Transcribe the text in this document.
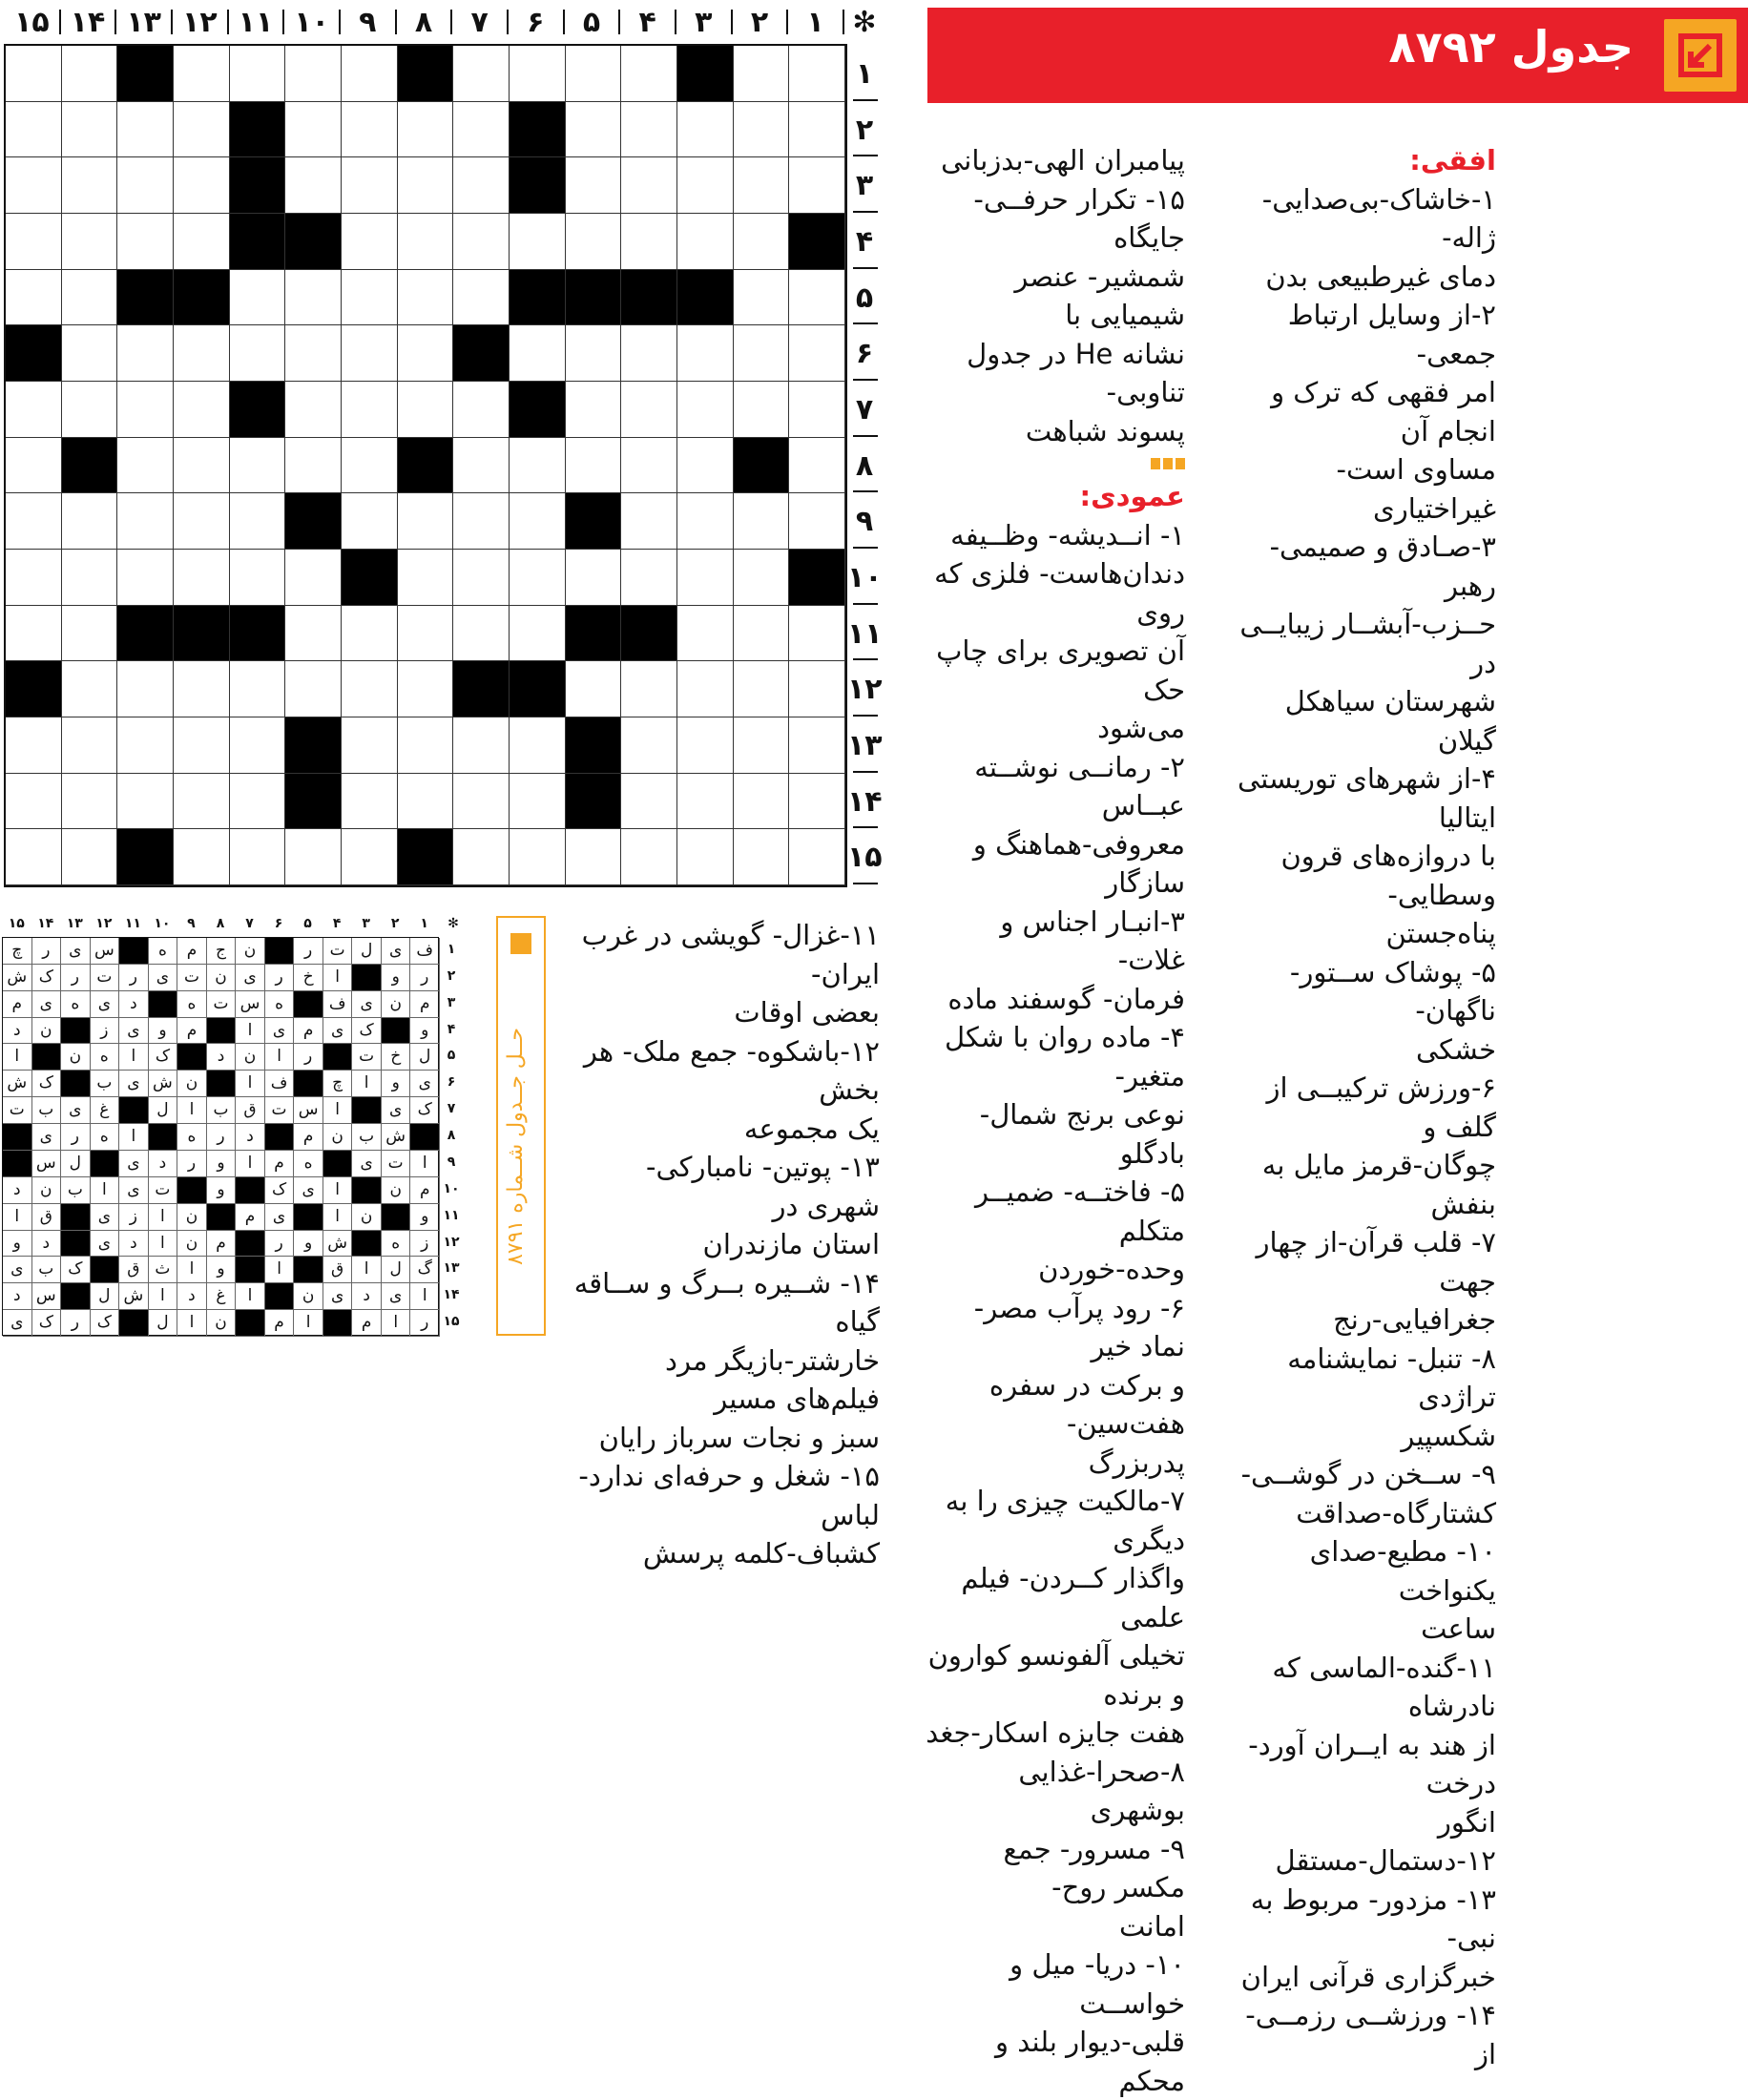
✻
۱
۲
۳
۴
۵
۶
۷
۸
۹
۱۰
۱۱
۱۲
۱۳
۱۴
۱۵
۱
۲
۳
۴
۵
۶
۷
۸
۹
۱۰
۱۱
۱۲
۱۳
۱۴
۱۵
جدول ۸۷۹۲

افقی:

۱-خاشاک-بی‌صدایی-ژاله-

دمای غیرطبیعی بدن

۲-از وسایل ارتباط جمعی-

امر فقهی که ترک و انجام آن

مساوی است-غیراختیاری

۳-صـادق و صمیمی- رهبر

حــزب-آبشــار زیبایــی در

شهرستان سیاهکل گیلان

۴-از شهرهای توریستی ایتالیا

با دروازه‌های قرون وسطایی-

پناه‌جستن

۵- پوشاک ســتور-ناگهان-

خشکی

۶-ورزش ترکیبــی از گلف و

چوگان-قرمز مایل به بنفش

۷- قلب قرآن-از چهار جهت

جغرافیایی-رنج

۸- تنبل- نمایشنامه تراژدی

شکسپیر

۹- ســخن در گوشــی-

کشتارگاه-صداقت

۱۰- مطیع-صدای یکنواخت

ساعت

۱۱-گنده-الماسی که نادرشاه

از هند به ایــران آورد- درخت

انگور

۱۲-دستمال-مستقل

۱۳- مزدور- مربوط به نبی-

خبرگزاری قرآنی ایران

۱۴- ورزشــی رزمــی- از

پیامبران الهی-بدزبانی

۱۵- تکرار حرفــی- جایگاه

شمشیر- عنصر شیمیایی با

نشانه He در جدول تناوبی-

پسوند شباهت

عمودی:

۱- انــدیشه- وظــیفه

دندان‌هاست- فلزی که روی

آن تصویری برای چاپ حک

می‌شود

۲- رمانــی نوشــته عبــاس

معروفی-هماهنگ و سازگار

۳-انبـار اجناس و غلات-

فرمان- گوسفند ماده

۴- ماده روان با شکل متغیر-

نوعی برنج شمال-بادگلو

۵- فاختــه- ضمیــر متکلم

وحده-خوردن

۶- رود پرآب مصر- نماد خیر

و برکت در سفره هفت‌سین-

پدربزرگ

۷-مالکیت چیزی را به دیگری

واگذار کــردن- فیلم علمی

تخیلی آلفونسو کوارون و برنده

هفت جایزه اسکار-جغد

۸-صحرا-غذایی بوشهری

۹- مسرور- جمع مکسر روح-

امانت

۱۰- دریا- میل و خواســت

قلبی-دیوار بلند و محکم

۱۱-غزال- گویشی در غرب ایران-

بعضی اوقات

۱۲-باشکوه- جمع ملک- هر بخش

یک مجموعه

۱۳- پوتین- نامبارکی- شهری در

استان مازندران

۱۴- شــیره بــرگ و ســاقه گیاه

خارشتر-بازیگر مرد فیلم‌های مسیر

سبز و نجات سرباز رایان

۱۵- شغل و حرفه‌ای ندارد- لباس

کشباف-کلمه پرسش

حــل جــدول شــماره ۸۷۹۱
✻
۱
۲
۳
۴
۵
۶
۷
۸
۹
۱۰
۱۱
۱۲
۱۳
۱۴
۱۵
ف
ی
ل
ت
ر
ن
ج
م
ه
س
ی
ر
چ
ر
و
ا
خ
ر
ی
ن
ت
ی
ر
ت
ر
ک
ش
م
ن
ی
ف
ه
س
ت
ه
د
ی
ه
ی
م
و
ک
ی
م
ی
ا
م
و
ی
ز
ن
د
ل
خ
ت
ر
ا
ن
د
ک
ا
ه
ن
ا
ی
و
ا
چ
ف
ا
ن
ش
ی
ب
ک
ش‌
ک
ی
ا
س
ت
ق
ب
ا
ل
غ
ی
ب
ت
ش
ب
ن
م
د
ر
ه
ا
ه
ر
ی
ا
ت
ی
ه
م
ا
و
ر
د
ی
ل
س
م
ن
ا
ی
ک
و
ت
ی
ا
ب
ن
د
و
ن
ا
ی
م
ن
ا
ز
ی
ق
ا
ز
ه
ش
و
ر
م
ن
ا
د
ی
د
و
گ
ل
ا
ق
ا
و
ا
ث
ق
ک
ب
ی
ا
ی
د
ی
ن
ا
غ
د
ا
ش
ل
س
د
ر
ا
م
ا
م
ن
ا
ل
ک
ر
ک
ی
۱
۲
۳
۴
۵
۶
۷
۸
۹
۱۰
۱۱
۱۲
۱۳
۱۴
۱۵
